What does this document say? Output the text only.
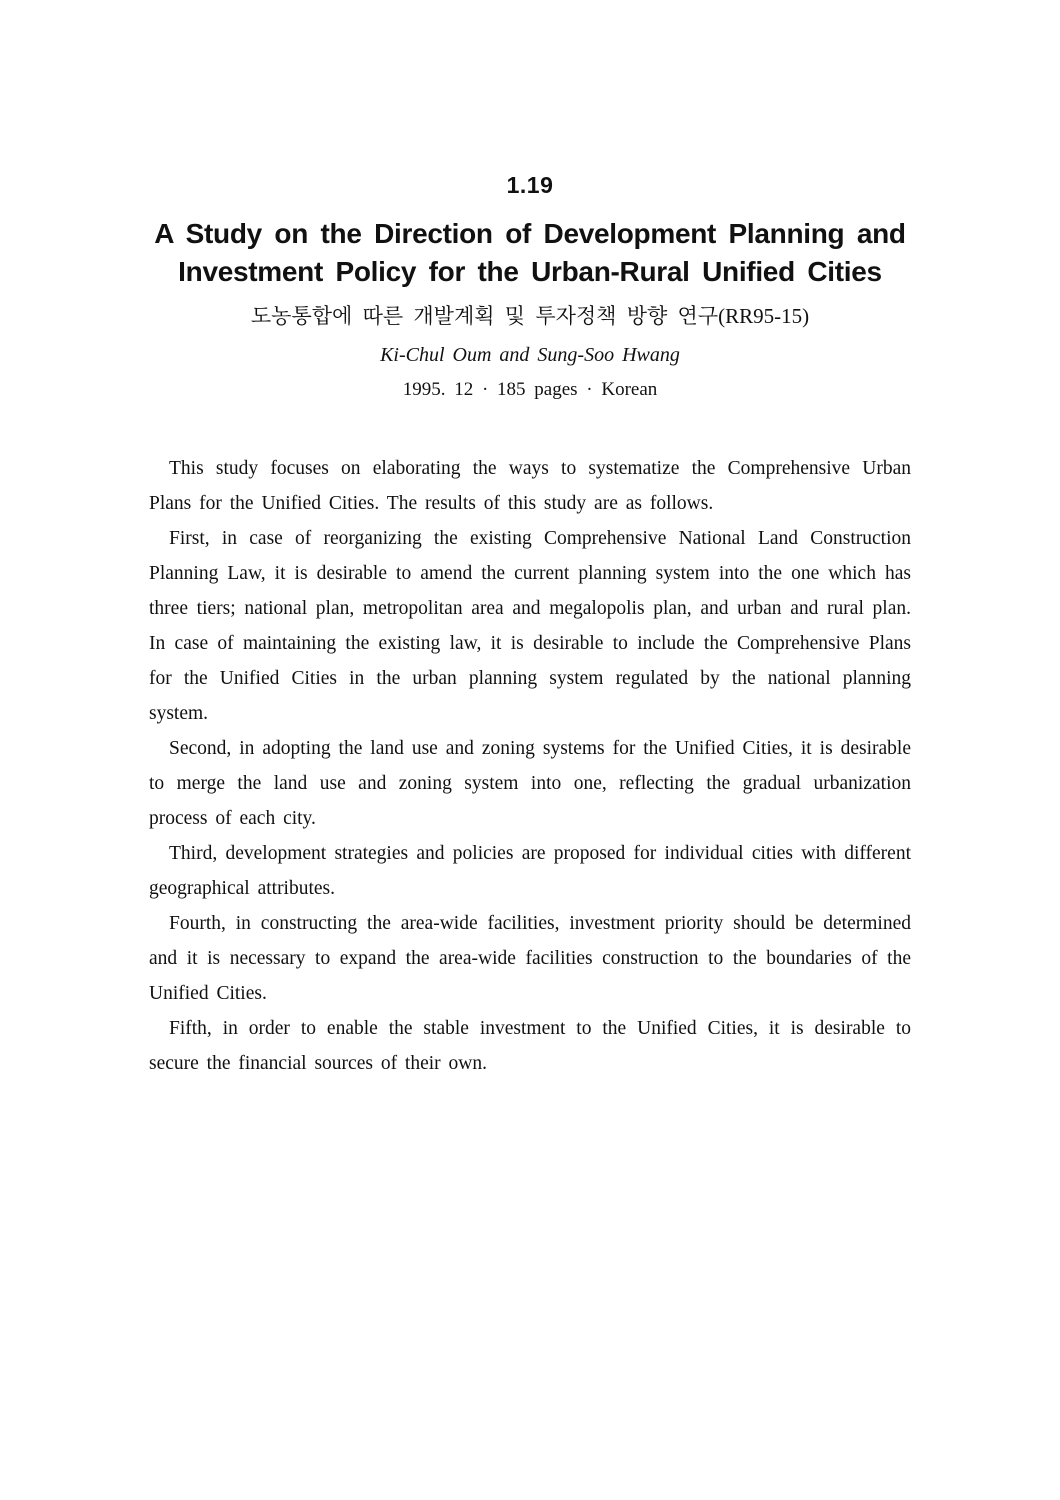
1.19
A Study on the Direction of Development Planning and
Investment Policy for the Urban-Rural Unified Cities
도농통합에 따른 개발계획 및 투자정책 방향 연구(RR95-15)
Ki-Chul Oum and Sung-Soo Hwang
1995. 12 · 185 pages · Korean

This study focuses on elaborating the ways to systematize the Comprehensive Urban Plans for the Unified Cities. The results of this study are as follows.

First, in case of reorganizing the existing Comprehensive National Land Construction Planning Law, it is desirable to amend the current planning system into the one which has three tiers; national plan, metropolitan area and megalopolis plan, and urban and rural plan. In case of maintaining the existing law, it is desirable to include the Comprehensive Plans for the Unified Cities in the urban planning system regulated by the national planning system.

Second, in adopting the land use and zoning systems for the Unified Cities, it is desirable to merge the land use and zoning system into one, reflecting the gradual urbanization process of each city.

Third, development strategies and policies are proposed for individual cities with different geographical attributes.

Fourth, in constructing the area-wide facilities, investment priority should be determined and it is necessary to expand the area-wide facilities construction to the boundaries of the Unified Cities.

Fifth, in order to enable the stable investment to the Unified Cities, it is desirable to secure the financial sources of their own.
